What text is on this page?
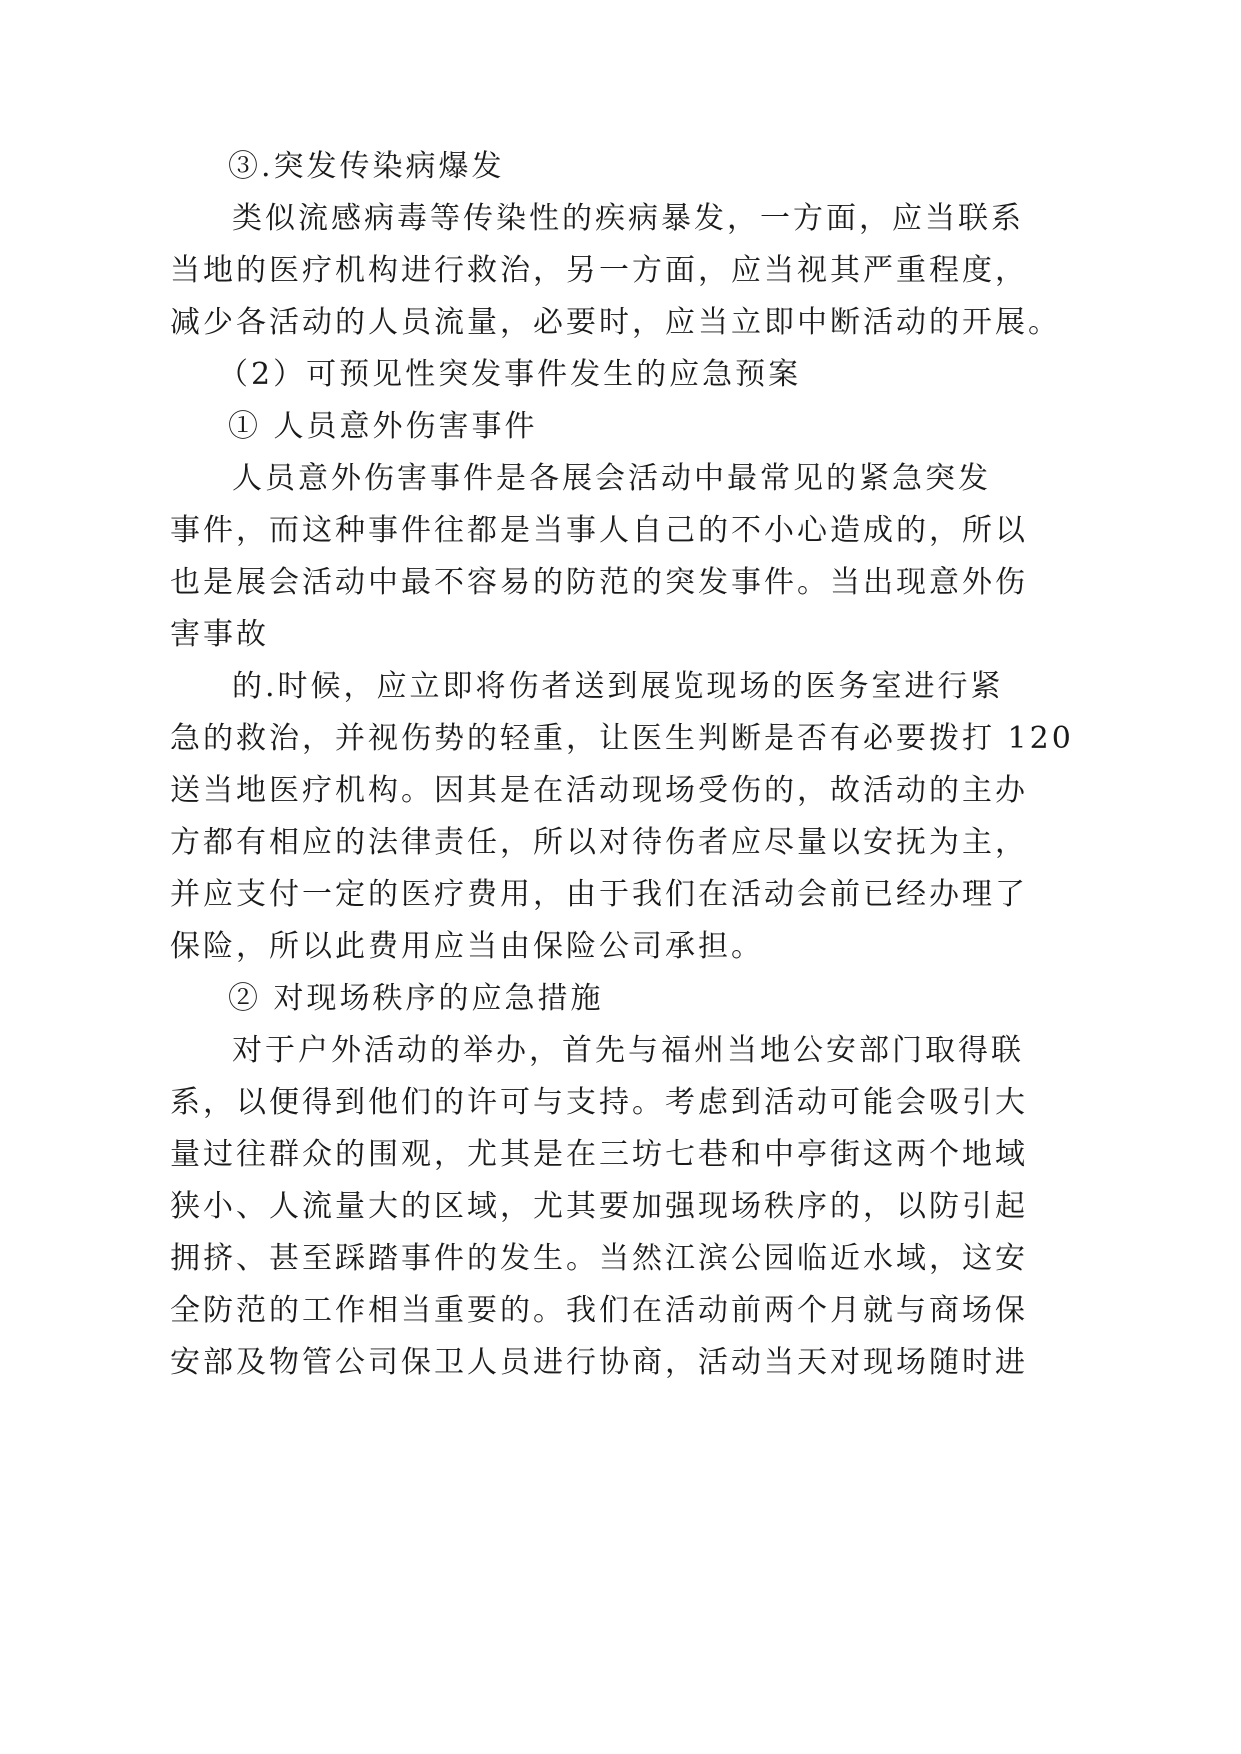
③.突发传染病爆发

类似流感病毒等传染性的疾病暴发，一方面，应当联系

当地的医疗机构进行救治，另一方面，应当视其严重程度，

减少各活动的人员流量，必要时，应当立即中断活动的开展。

（2）可预见性突发事件发生的应急预案

① 人员意外伤害事件

人员意外伤害事件是各展会活动中最常见的紧急突发

事件，而这种事件往都是当事人自己的不小心造成的，所以

也是展会活动中最不容易的防范的突发事件。当出现意外伤

害事故

的.时候，应立即将伤者送到展览现场的医务室进行紧

急的救治，并视伤势的轻重，让医生判断是否有必要拨打 120

送当地医疗机构。因其是在活动现场受伤的，故活动的主办

方都有相应的法律责任，所以对待伤者应尽量以安抚为主，

并应支付一定的医疗费用，由于我们在活动会前已经办理了

保险，所以此费用应当由保险公司承担。

② 对现场秩序的应急措施

对于户外活动的举办，首先与福州当地公安部门取得联

系，以便得到他们的许可与支持。考虑到活动可能会吸引大

量过往群众的围观，尤其是在三坊七巷和中亭街这两个地域

狭小、人流量大的区域，尤其要加强现场秩序的，以防引起

拥挤、甚至踩踏事件的发生。当然江滨公园临近水域，这安

全防范的工作相当重要的。我们在活动前两个月就与商场保

安部及物管公司保卫人员进行协商，活动当天对现场随时进
